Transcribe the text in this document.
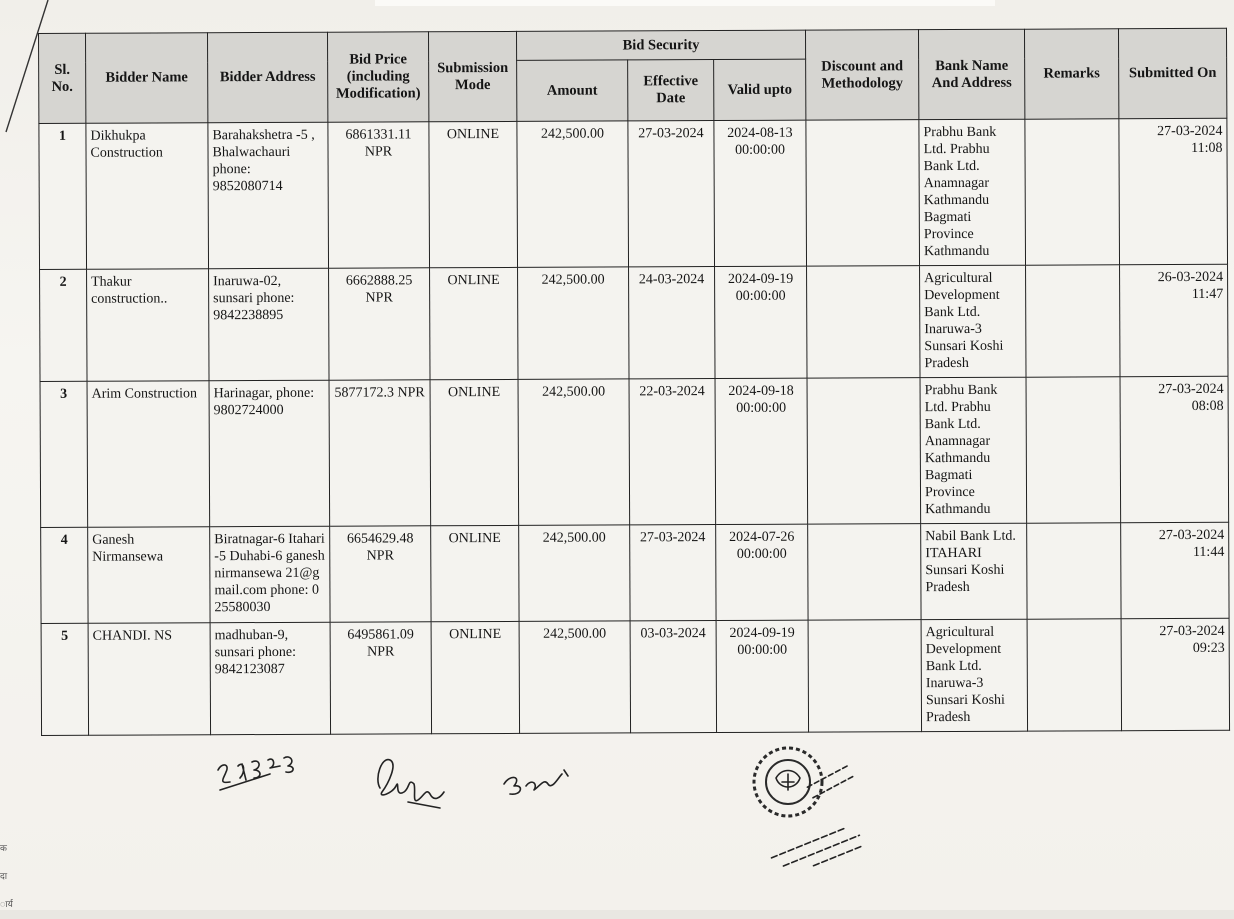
क
दा
ार्य
Sl. No.	Bidder Name	Bidder Address	Bid Price (including Modification)	Submission Mode	Bid Security			Discount and Methodology	Bank Name And Address	Remarks	Submitted On
					Amount	Effective Date	Valid upto				
1	Dikhukpa Construction	Barahakshetra -5 , Bhalwachauri phone: 9852080714	6861331.11 NPR	ONLINE	242,500.00	27-03-2024	2024-08-13 00:00:00		Prabhu Bank Ltd. Prabhu Bank Ltd. Anamnagar Kathmandu Bagmati Province Kathmandu		27-03-2024 11:08
2	Thakur construction..	Inaruwa-02, sunsari phone: 9842238895	6662888.25 NPR	ONLINE	242,500.00	24-03-2024	2024-09-19 00:00:00		Agricultural Development Bank Ltd. Inaruwa-3 Sunsari Koshi Pradesh		26-03-2024 11:47
3	Arim Construction	Harinagar, phone: 9802724000	5877172.3 NPR	ONLINE	242,500.00	22-03-2024	2024-09-18 00:00:00		Prabhu Bank Ltd. Prabhu Bank Ltd. Anamnagar Kathmandu Bagmati Province Kathmandu		27-03-2024 08:08
4	Ganesh Nirmansewa	Biratnagar-6 Itahari-5 Duhabi-6 ganeshnirmansewa 21@gmail.com phone: 025580030	6654629.48 NPR	ONLINE	242,500.00	27-03-2024	2024-07-26 00:00:00		Nabil Bank Ltd. ITAHARI Sunsari Koshi Pradesh		27-03-2024 11:44
5	CHANDI. NS	madhuban-9, sunsari phone: 9842123087	6495861.09 NPR	ONLINE	242,500.00	03-03-2024	2024-09-19 00:00:00		Agricultural Development Bank Ltd. Inaruwa-3 Sunsari Koshi Pradesh		27-03-2024 09:23
